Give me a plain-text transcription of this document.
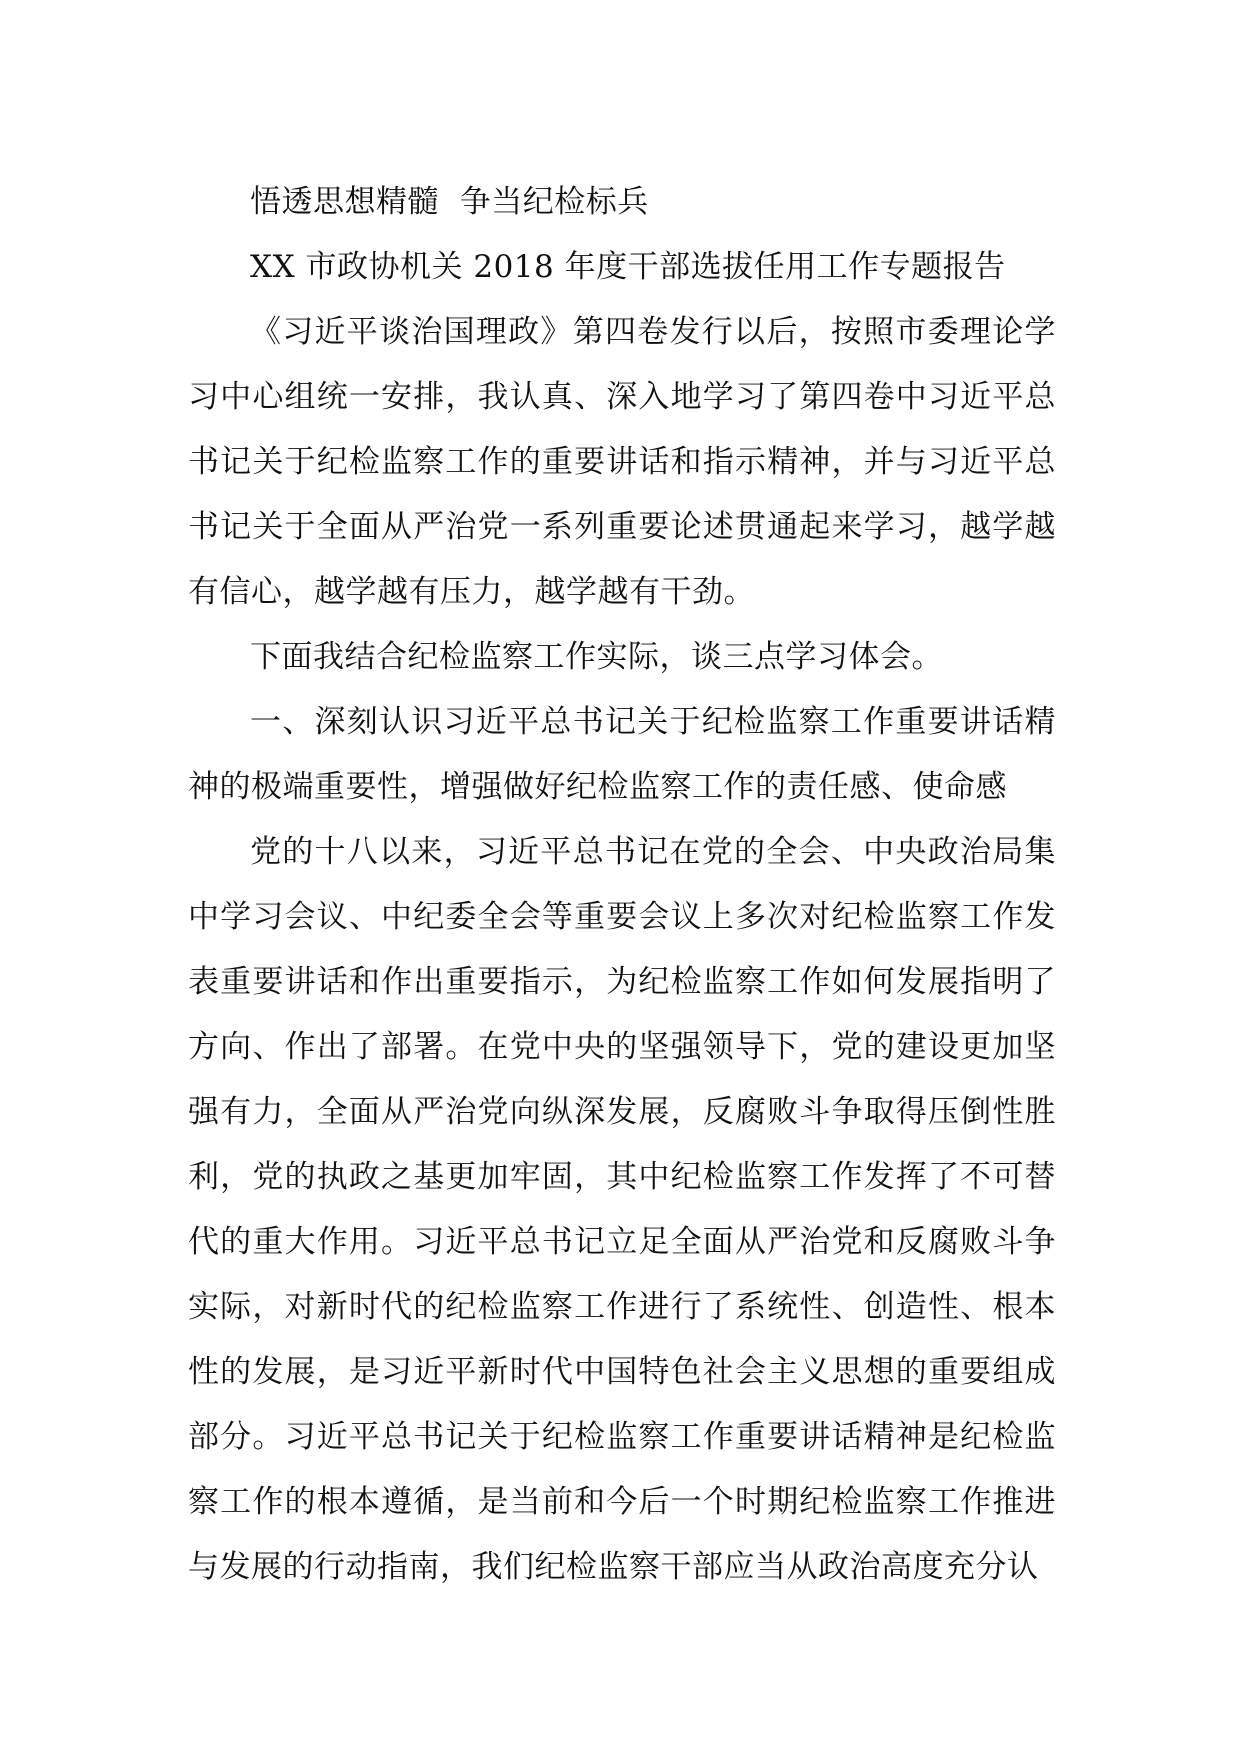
悟透思想精髓  争当纪检标兵

XX 市政协机关 2018 年度干部选拔任用工作专题报告

《习近平谈治国理政》第四卷发行以后，按照市委理论学习中心组统一安排，我认真、深入地学习了第四卷中习近平总书记关于纪检监察工作的重要讲话和指示精神，并与习近平总书记关于全面从严治党一系列重要论述贯通起来学习，越学越有信心，越学越有压力，越学越有干劲。

下面我结合纪检监察工作实际，谈三点学习体会。

一、深刻认识习近平总书记关于纪检监察工作重要讲话精神的极端重要性，增强做好纪检监察工作的责任感、使命感

党的十八以来，习近平总书记在党的全会、中央政治局集中学习会议、中纪委全会等重要会议上多次对纪检监察工作发表重要讲话和作出重要指示，为纪检监察工作如何发展指明了方向、作出了部署。在党中央的坚强领导下，党的建设更加坚强有力，全面从严治党向纵深发展，反腐败斗争取得压倒性胜利，党的执政之基更加牢固，其中纪检监察工作发挥了不可替代的重大作用。习近平总书记立足全面从严治党和反腐败斗争实际，对新时代的纪检监察工作进行了系统性、创造性、根本性的发展，是习近平新时代中国特色社会主义思想的重要组成部分。习近平总书记关于纪检监察工作重要讲话精神是纪检监察工作的根本遵循，是当前和今后一个时期纪检监察工作推进与发展的行动指南，我们纪检监察干部应当从政治高度充分认
